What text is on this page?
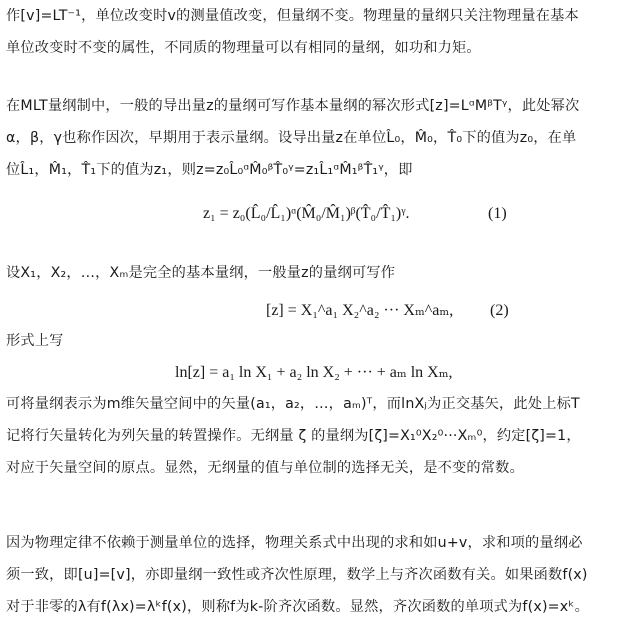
作[v]=LT⁻¹，单位改变时v的测量值改变，但量纲不变。物理量的量纲只关注物理量在基本
单位改变时不变的属性，不同质的物理量可以有相同的量纲，如功和力矩。
在MLT量纲制中，一般的导出量z的量纲可写作基本量纲的幂次形式[z]=LᵅMᵝTᵞ，此处幂次
α，β，γ也称作因次，早期用于表示量纲。设导出量z在单位L̂₀，M̂₀，T̂₀下的值为z₀，在单
位L̂₁，M̂₁，T̂₁下的值为z₁，则z=z₀L̂₀ᵅM̂₀ᵝT̂₀ᵞ=z₁L̂₁ᵅM̂₁ᵝT̂₁ᵞ，即
z₁ = z₀(L̂₀/L̂₁)ᵅ(M̂₀/M̂₁)ᵝ(T̂₀/T̂₁)ᵞ.	(1)
设X₁，X₂，…，Xₘ是完全的基本量纲，一般量z的量纲可写作
[z] = X₁^a₁ X₂^a₂ ··· Xₘ^aₘ, (2)
形式上写
ln[z] = a₁ ln X₁ + a₂ ln X₂ + ··· + aₘ ln Xₘ,
可将量纲表示为m维矢量空间中的矢量(a₁，a₂，…，aₘ)ᵀ，而lnXⱼ为正交基矢，此处上标T
记将行矢量转化为列矢量的转置操作。无纲量 ζ 的量纲为[ζ]=X₁⁰X₂⁰···Xₘ⁰，约定[ζ]=1，
对应于矢量空间的原点。显然，无纲量的值与单位制的选择无关，是不变的常数。
因为物理定律不依赖于测量单位的选择，物理关系式中出现的求和如u+v，求和项的量纲必
须一致，即[u]=[v]，亦即量纲一致性或齐次性原理，数学上与齐次函数有关。如果函数f(x)
对于非零的λ有f(λx)=λᵏf(x)，则称f为k-阶齐次函数。显然，齐次函数的单项式为f(x)=xᵏ。
